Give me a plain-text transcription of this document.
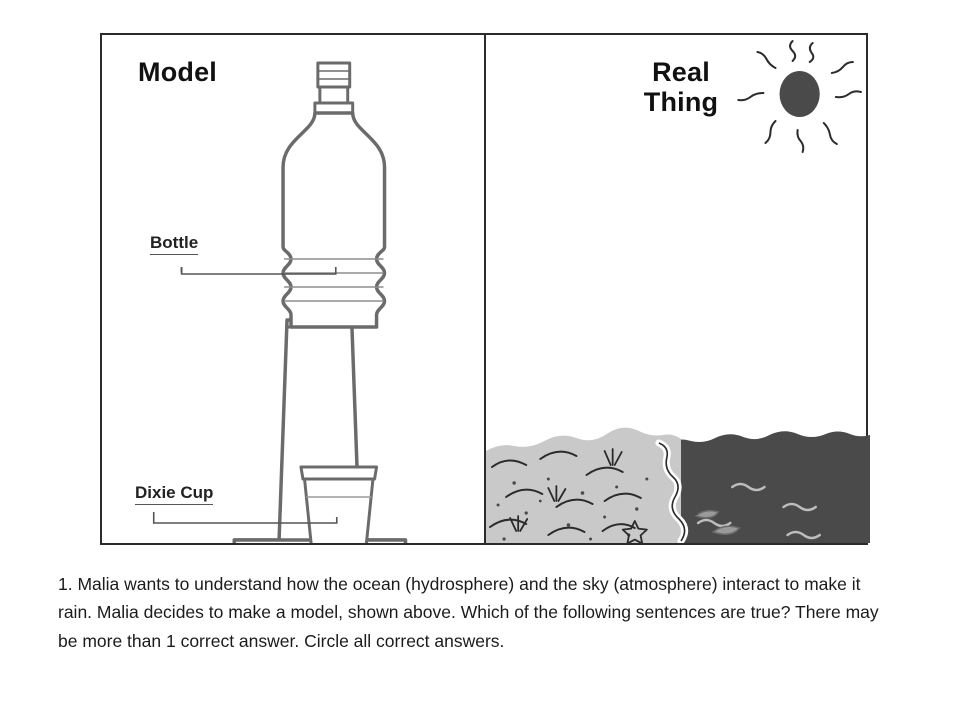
Model
Bottle
Dixie Cup
Real
Thing
1. Malia wants to understand how the ocean (hydrosphere) and the sky (atmosphere) interact to make it rain. Malia decides to make a model, shown above. Which of the following sentences are true? There may be more than 1 correct answer. Circle all correct answers.
